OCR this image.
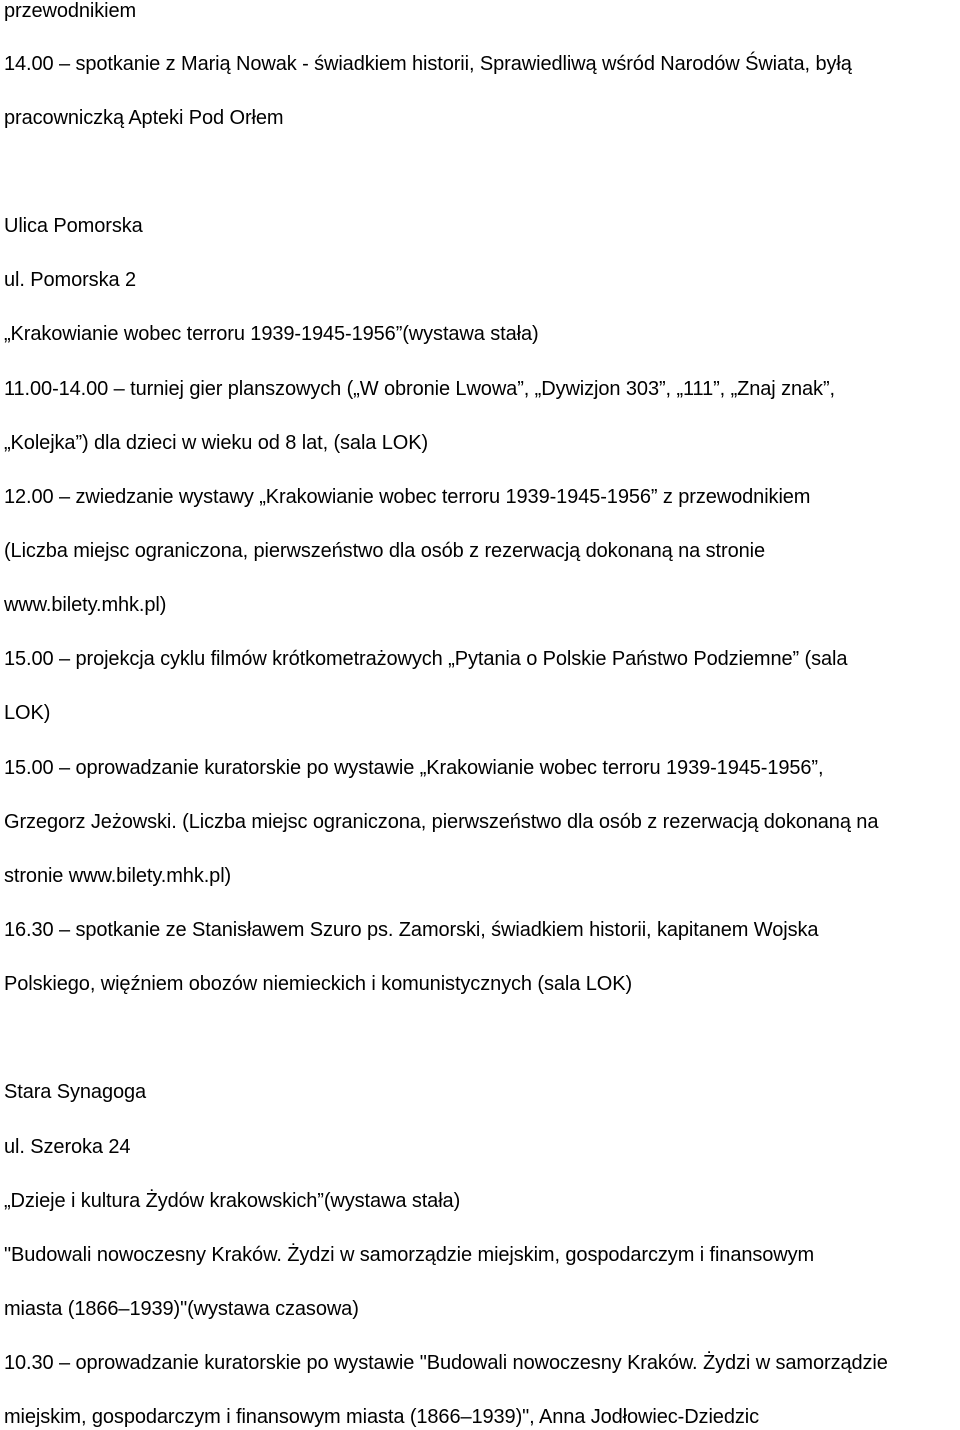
przewodnikiem
14.00 – spotkanie z Marią Nowak - świadkiem historii, Sprawiedliwą wśród Narodów Świata, byłą
pracowniczką Apteki Pod Orłem
Ulica Pomorska
ul. Pomorska 2
„Krakowianie wobec terroru 1939-1945-1956”(wystawa stała)
11.00-14.00 – turniej gier planszowych („W obronie Lwowa”, „Dywizjon 303”, „111”, „Znaj znak”,
„Kolejka”) dla dzieci w wieku od 8 lat, (sala LOK)
12.00 – zwiedzanie wystawy „Krakowianie wobec terroru 1939-1945-1956” z przewodnikiem
(Liczba miejsc ograniczona, pierwszeństwo dla osób z rezerwacją dokonaną na stronie
www.bilety.mhk.pl)
15.00 – projekcja cyklu filmów krótkometrażowych „Pytania o Polskie Państwo Podziemne” (sala
LOK)
15.00 – oprowadzanie kuratorskie po wystawie „Krakowianie wobec terroru 1939-1945-1956”,
Grzegorz Jeżowski. (Liczba miejsc ograniczona, pierwszeństwo dla osób z rezerwacją dokonaną na
stronie www.bilety.mhk.pl)
16.30 – spotkanie ze Stanisławem Szuro ps. Zamorski, świadkiem historii, kapitanem Wojska
Polskiego, więźniem obozów niemieckich i komunistycznych (sala LOK)
Stara Synagoga
ul. Szeroka 24
„Dzieje i kultura Żydów krakowskich”(wystawa stała)
"Budowali nowoczesny Kraków. Żydzi w samorządzie miejskim, gospodarczym i finansowym
miasta (1866–1939)"(wystawa czasowa)
10.30 – oprowadzanie kuratorskie po wystawie "Budowali nowoczesny Kraków. Żydzi w samorządzie
miejskim, gospodarczym i finansowym miasta (1866–1939)", Anna Jodłowiec-Dziedzic
